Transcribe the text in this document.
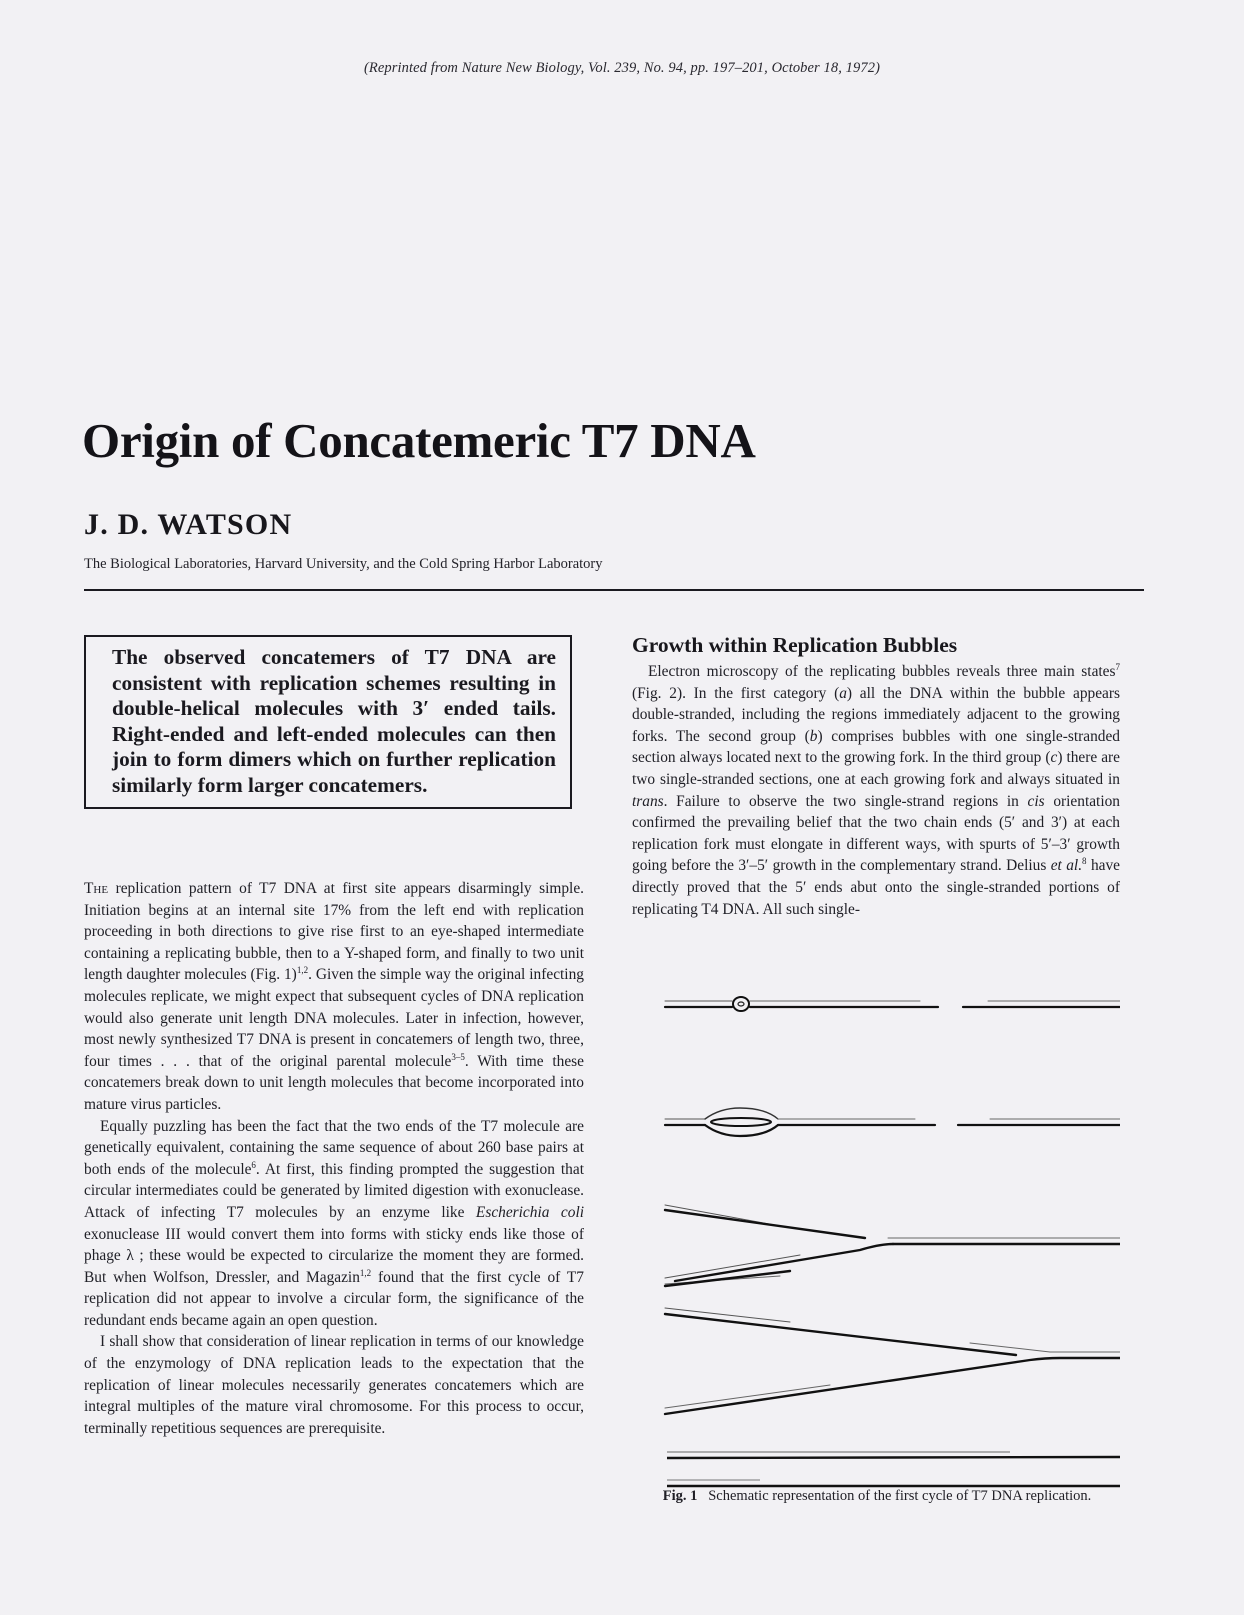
(Reprinted from Nature New Biology, Vol. 239, No. 94, pp. 197–201, October 18, 1972)
Origin of Concatemeric T7 DNA
J. D. WATSON
The Biological Laboratories, Harvard University, and the Cold Spring Harbor Laboratory
The observed concatemers of T7 DNA are consistent with replication schemes resulting in double-helical molecules with 3′ ended tails. Right-ended and left-ended molecules can then join to form dimers which on further replication similarly form larger concatemers.

The replication pattern of T7 DNA at first site appears disarmingly simple. Initiation begins at an internal site 17% from the left end with replication proceeding in both directions to give rise first to an eye-shaped intermediate containing a replicating bubble, then to a Y-shaped form, and finally to two unit length daughter molecules (Fig. 1)$^{1,2}$. Given the simple way the original infecting molecules replicate, we might expect that subsequent cycles of DNA replication would also generate unit length DNA molecules. Later in infection, however, most newly synthesized T7 DNA is present in concatemers of length two, three, four times . . . that of the original parental molecule$^{3-5}$. With time these concatemers break down to unit length molecules that become incorporated into mature virus particles.

Equally puzzling has been the fact that the two ends of the T7 molecule are genetically equivalent, containing the same sequence of about 260 base pairs at both ends of the molecule$^6$. At first, this finding prompted the suggestion that circular intermediates could be generated by limited digestion with exonuclease. Attack of infecting T7 molecules by an enzyme like Escherichia coli exonuclease III would convert them into forms with sticky ends like those of phage λ ; these would be expected to circularize the moment they are formed. But when Wolfson, Dressler, and Magazin$^{1,2}$ found that the first cycle of T7 replication did not appear to involve a circular form, the significance of the redundant ends became again an open question.

I shall show that consideration of linear replication in terms of our knowledge of the enzymology of DNA replication leads to the expectation that the replication of linear molecules necessarily generates concatemers which are integral multiples of the mature viral chromosome. For this process to occur, terminally repetitious sequences are prerequisite.

Growth within Replication Bubbles

Electron microscopy of the replicating bubbles reveals three main states$^7$ (Fig. 2). In the first category (a) all the DNA within the bubble appears double-stranded, including the regions immediately adjacent to the growing forks. The second group (b) comprises bubbles with one single-stranded section always located next to the growing fork. In the third group (c) there are two single-stranded sections, one at each growing fork and always situated in trans. Failure to observe the two single-strand regions in cis orientation confirmed the prevailing belief that the two chain ends (5′ and 3′) at each replication fork must elongate in different ways, with spurts of 5′–3′ growth going before the 3′–5′ growth in the complementary strand. Delius et al.$^8$ have directly proved that the 5′ ends abut onto the single-stranded portions of replicating T4 DNA. All such single-

Fig. 1 Schematic representation of the first cycle of T7 DNA replication.
